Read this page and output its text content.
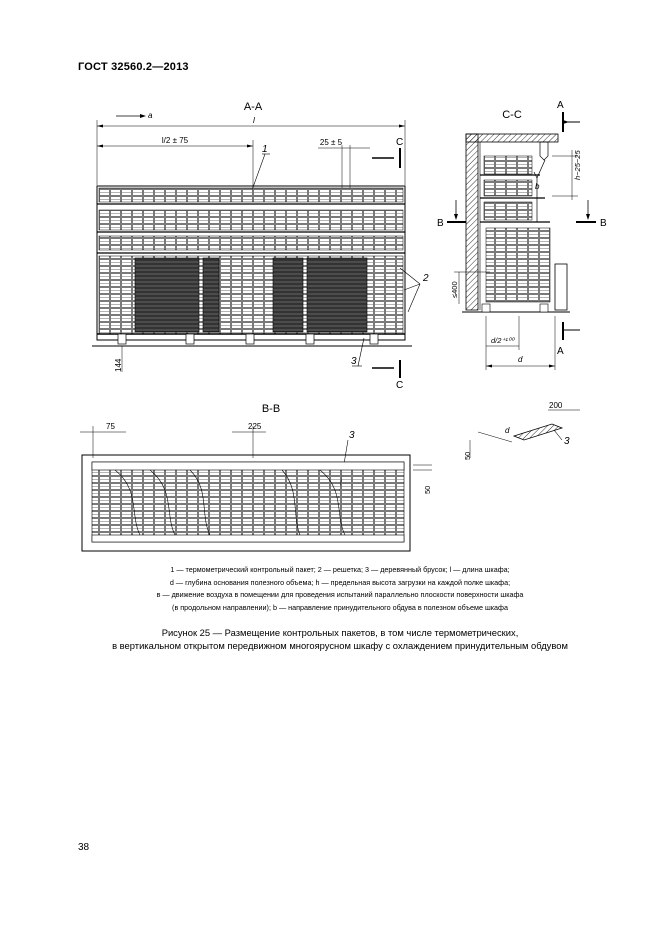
ГОСТ 32560.2—2013
А-А
а
l
l/2 ± 75	25 ± 5
1
144
2
3
С
С
С-С
b
h−25−25
А
А
В	В
≤400
d/2⁺¹⁰⁰
d
В-В
75	225
3
50
200
d
50
3
1 — термометрический контрольный пакет; 2 — решетка; 3 — деревянный брусок; l — длина шкафа;
d — глубина основания полезного объема; h — предельная высота загрузки на каждой полке шкафа;
в — движение воздуха в помещении для проведения испытаний параллельно плоскости поверхности шкафа
(в продольном направлении); b — направление принудительного обдува в полезном объеме шкафа
Рисунок 25 — Размещение контрольных пакетов, в том числе термометрических,
в вертикальном открытом передвижном многоярусном шкафу с охлаждением принудительным обдувом
38
